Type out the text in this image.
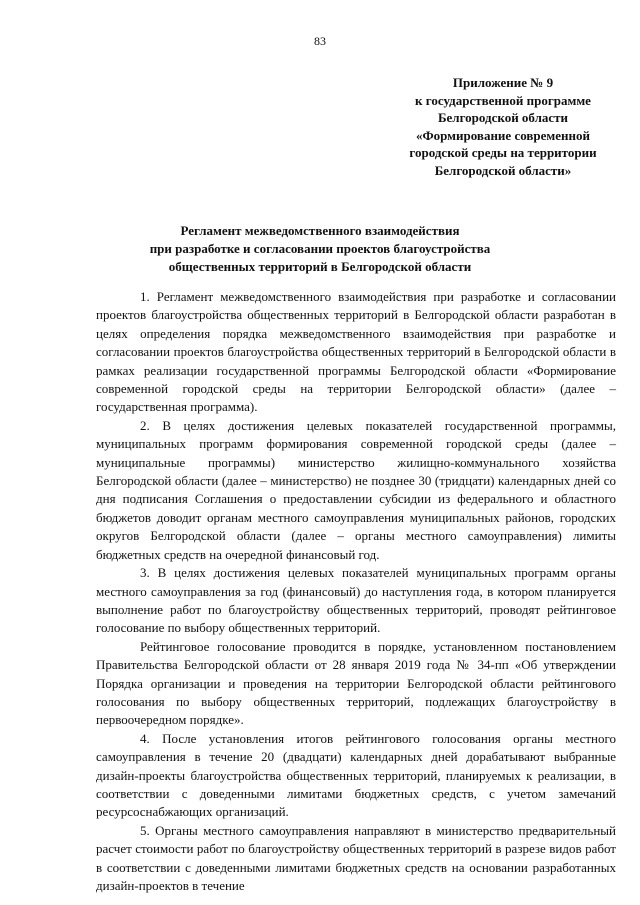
83
Приложение № 9
к государственной программе
Белгородской области
«Формирование современной
городской среды на территории
Белгородской области»
Регламент межведомственного взаимодействия
при разработке и согласовании проектов благоустройства
общественных территорий в Белгородской области

1. Регламент межведомственного взаимодействия при разработке и согласовании проектов благоустройства общественных территорий в Белгородской области разработан в целях определения порядка межведомственного взаимодействия при разработке и согласовании проектов благоустройства общественных территорий в Белгородской области в рамках реализации государственной программы Белгородской области «Формирование современной городской среды на территории Белгородской области» (далее –государственная программа).

2. В целях достижения целевых показателей государственной программы, муниципальных программ формирования современной городской среды (далее – муниципальные программы) министерство жилищно-коммунального хозяйства Белгородской области (далее – министерство) не позднее 30 (тридцати) календарных дней со дня подписания Соглашения о предоставлении субсидии из федерального и областного бюджетов доводит органам местного самоуправления муниципальных районов, городских округов Белгородской области (далее – органы местного самоуправления) лимиты бюджетных средств на очередной финансовый год.

3. В целях достижения целевых показателей муниципальных программ органы местного самоуправления за год (финансовый) до наступления года, в котором планируется выполнение работ по благоустройству общественных территорий, проводят рейтинговое голосование по выбору общественных территорий.

Рейтинговое голосование проводится в порядке, установленном постановлением Правительства Белгородской области от 28 января 2019 года № 34-пп «Об утверждении Порядка организации и проведения на территории Белгородской области рейтингового голосования по выбору общественных территорий, подлежащих благоустройству в первоочередном порядке».

4. После установления итогов рейтингового голосования органы местного самоуправления в течение 20 (двадцати) календарных дней дорабатывают выбранные дизайн-проекты благоустройства общественных территорий, планируемых к реализации, в соответствии с доведенными лимитами бюджетных средств, с учетом замечаний ресурсоснабжающих организаций.

5. Органы местного самоуправления направляют в министерство предварительный расчет стоимости работ по благоустройству общественных территорий в разрезе видов работ в соответствии с доведенными лимитами бюджетных средств на основании разработанных дизайн-проектов в течение
